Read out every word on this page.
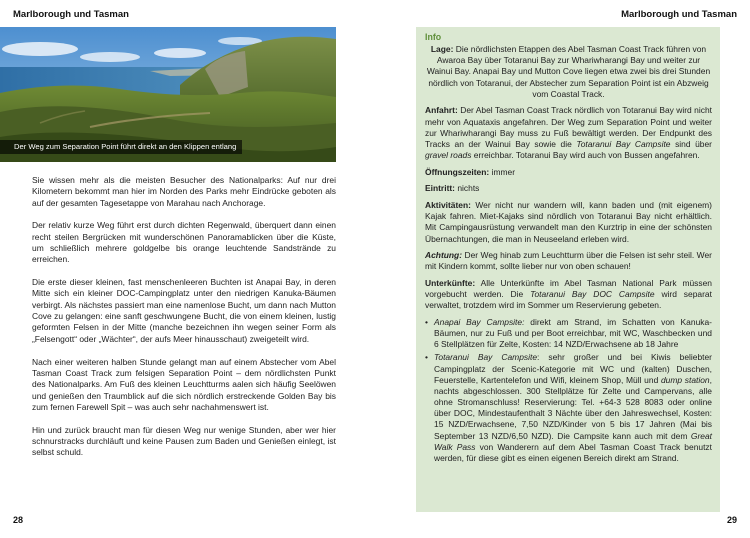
Marlborough und Tasman
Der Weg zum Separation Point führt direkt an den Klippen entlang

Sie wissen mehr als die meisten Besucher des Nationalparks: Auf nur drei Kilometern bekommt man hier im Norden des Parks mehr Eindrücke geboten als auf der gesamten Tagesetappe von Marahau nach Anchorage.

Der relativ kurze Weg führt erst durch dichten Regenwald, überquert dann einen recht steilen Bergrücken mit wunderschönen Panoramablicken über die Küste, um schließlich mehrere goldgelbe bis orange leuchtende Sandstrände zu erreichen.

Die erste dieser kleinen, fast menschenleeren Buchten ist Anapai Bay, in deren Mitte sich ein kleiner DOC-Campingplatz unter den niedrigen Kanuka-Bäumen verbirgt. Als nächstes passiert man eine namenlose Bucht, um dann nach Mutton Cove zu gelangen: eine sanft geschwungene Bucht, die von einem kleinen, lustig geformten Felsen in der Mitte (manche bezeichnen ihn wegen seiner Form als „Felsengott“ oder „Wächter“, der aufs Meer hinausschaut) zweigeteilt wird.

Nach einer weiteren halben Stunde gelangt man auf einem Abstecher vom Abel Tasman Coast Track zum felsigen Separation Point – dem nördlichsten Punkt des Nationalparks. Am Fuß des kleinen Leuchtturms aalen sich häufig Seelöwen und genießen den Traumblick auf die sich nördlich erstreckende Golden Bay bis zum fernen Farewell Spit – was auch sehr nachahmenswert ist.

Hin und zurück braucht man für diesen Weg nur wenige Stunden, aber wer hier schnurstracks durchläuft und keine Pausen zum Baden und Genießen einlegt, ist selbst schuld.

28
Marlborough und Tasman
Info

Lage: Die nördlichsten Etappen des Abel Tasman Coast Track führen von Awaroa Bay über Totaranui Bay zur Whariwharangi Bay und weiter zur Wainui Bay. Anapai Bay und Mutton Cove liegen etwa zwei bis drei Stunden nördlich von Totaranui, der Abstecher zum Separation Point ist ein Abzweig vom Coastal Track.

Anfahrt: Der Abel Tasman Coast Track nördlich von Totaranui Bay wird nicht mehr von Aquataxis angefahren. Der Weg zum Separation Point und weiter zur Whariwharangi Bay muss zu Fuß bewältigt werden. Der Endpunkt des Tracks an der Wainui Bay sowie die Totaranui Bay Campsite sind über gravel roads erreichbar. Totaranui Bay wird auch von Bussen angefahren.

Öffnungszeiten: immer

Eintritt: nichts

Aktivitäten: Wer nicht nur wandern will, kann baden und (mit eigenem) Kajak fahren. Miet-Kajaks sind nördlich von Totaranui Bay nicht erhältlich. Mit Campingausrüstung verwandelt man den Kurztrip in eine der schönsten Übernachtungen, die man in Neuseeland erleben wird.

Achtung: Der Weg hinab zum Leuchtturm über die Felsen ist sehr steil. Wer mit Kindern kommt, sollte lieber nur von oben schauen!

Unterkünfte: Alle Unterkünfte im Abel Tasman National Park müssen vorgebucht werden. Die Totaranui Bay DOC Campsite wird separat verwaltet, trotzdem wird im Sommer um Reservierung gebeten.

• Anapai Bay Campsite: direkt am Strand, im Schatten von Kanuka-Bäumen, nur zu Fuß und per Boot erreichbar, mit WC, Waschbecken und 6 Stellplätzen für Zelte, Kosten: 14 NZD/Erwachsene ab 18 Jahre
• Totaranui Bay Campsite: sehr großer und bei Kiwis beliebter Campingplatz der Scenic-Kategorie mit WC und (kalten) Duschen, Feuerstelle, Kartentelefon und Wifi, kleinem Shop, Müll und dump station, nachts abgeschlossen. 300 Stellplätze für Zelte und Campervans, alle ohne Stromanschluss! Reservierung: Tel. +64-3 528 8083 oder online über DOC, Mindestaufenthalt 3 Nächte über den Jahreswechsel, Kosten: 15 NZD/Erwachsene, 7,50 NZD/Kinder von 5 bis 17 Jahren (Mai bis September 13 NZD/6,50 NZD). Die Campsite kann auch mit dem Great Walk Pass von Wanderern auf dem Abel Tasman Coast Track benutzt werden, für diese gibt es einen eigenen Bereich direkt am Strand.
29
